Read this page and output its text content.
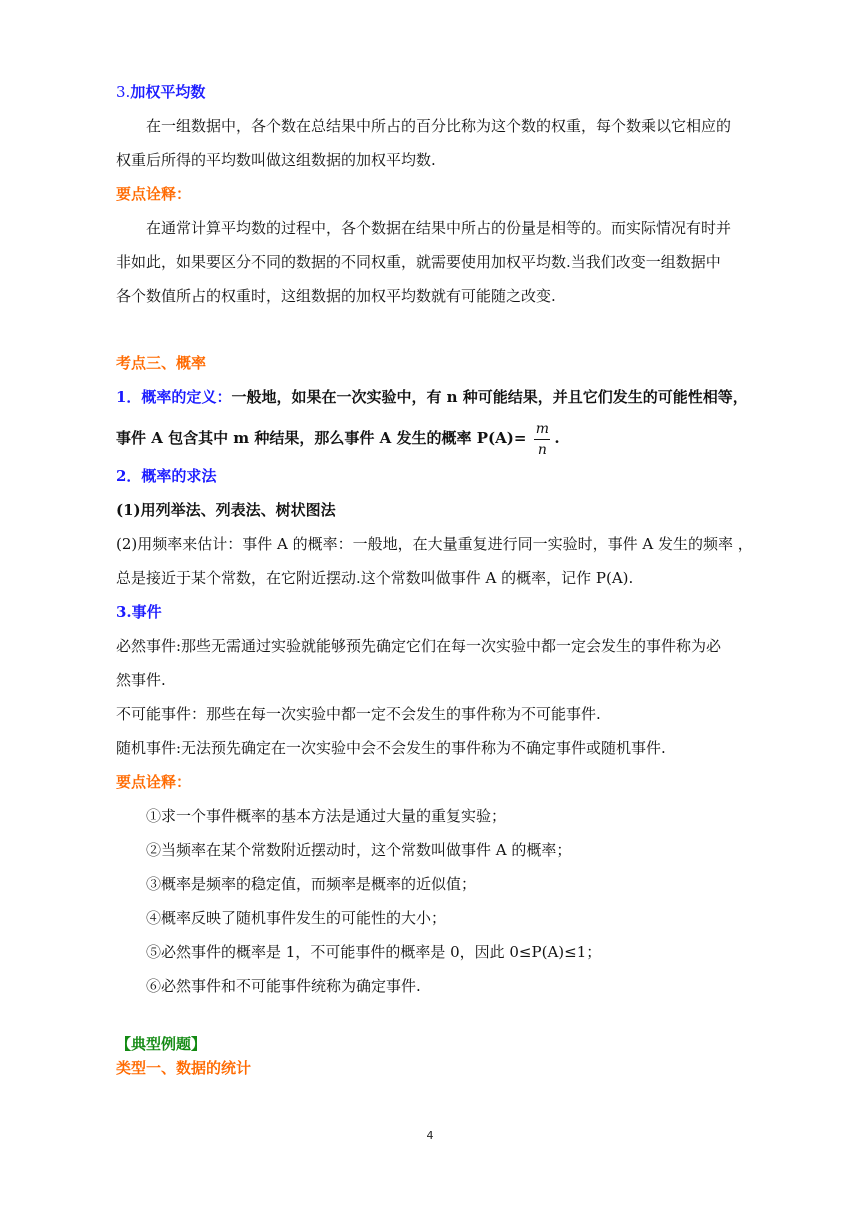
3.加权平均数
在一组数据中，各个数在总结果中所占的百分比称为这个数的权重，每个数乘以它相应的
权重后所得的平均数叫做这组数据的加权平均数.
要点诠释：
在通常计算平均数的过程中，各个数据在结果中所占的份量是相等的。而实际情况有时并
非如此，如果要区分不同的数据的不同权重，就需要使用加权平均数.当我们改变一组数据中
各个数值所占的权重时，这组数据的加权平均数就有可能随之改变.
考点三、概率
1．概率的定义：一般地，如果在一次实验中，有 n 种可能结果，并且它们发生的可能性相等，
事件 A 包含其中 m 种结果，那么事件 A 发生的概率 $P(A)= \frac{m}{n}$ .
2．概率的求法
(1)用列举法、列表法、树状图法
(2)用频率来估计：事件 A 的概率：一般地，在大量重复进行同一实验时，事件 A 发生的频率 ，
总是接近于某个常数，在它附近摆动.这个常数叫做事件 A 的概率，记作 P(A).
3.事件
必然事件:那些无需通过实验就能够预先确定它们在每一次实验中都一定会发生的事件称为必
然事件.
不可能事件：那些在每一次实验中都一定不会发生的事件称为不可能事件.
随机事件:无法预先确定在一次实验中会不会发生的事件称为不确定事件或随机事件.
要点诠释：
①求一个事件概率的基本方法是通过大量的重复实验；
②当频率在某个常数附近摆动时，这个常数叫做事件 A 的概率；
③概率是频率的稳定值，而频率是概率的近似值；
④概率反映了随机事件发生的可能性的大小；
⑤必然事件的概率是 1，不可能事件的概率是 0，因此 0≤P(A)≤1；
⑥必然事件和不可能事件统称为确定事件.
【典型例题】
类型一、数据的统计
4
